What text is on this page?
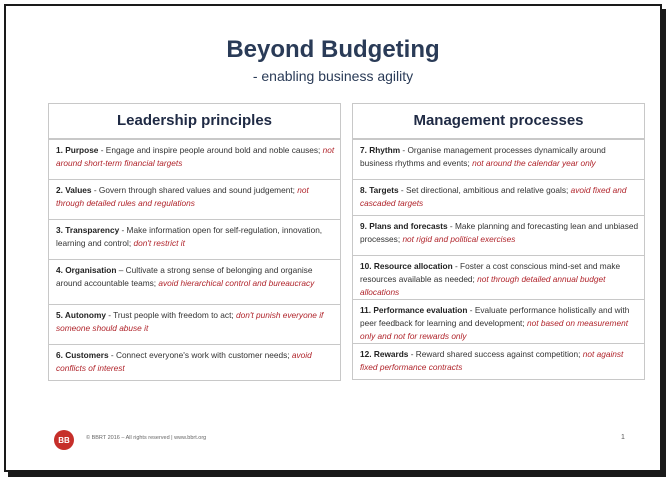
Beyond Budgeting
- enabling business agility
Leadership principles
1. Purpose - Engage and inspire people around bold and noble causes; not around short-term financial targets
2. Values - Govern through shared values and sound judgement; not through detailed rules and regulations
3. Transparency - Make information open for self-regulation, innovation, learning and control; don't restrict it
4. Organisation – Cultivate a strong sense of belonging and organise around accountable teams; avoid hierarchical control and bureaucracy
5. Autonomy - Trust people with freedom to act; don't punish everyone if someone should abuse it
6. Customers - Connect everyone's work with customer needs; avoid conflicts of interest
Management processes
7. Rhythm - Organise management processes dynamically around business rhythms and events; not around the calendar year only
8. Targets - Set directional, ambitious and relative goals; avoid fixed and cascaded targets
9. Plans and forecasts - Make planning and forecasting lean and unbiased processes; not rigid and political exercises
10. Resource allocation - Foster a cost conscious mind-set and make resources available as needed; not through detailed annual budget allocations
11. Performance evaluation - Evaluate performance holistically and with peer feedback for learning and development; not based on measurement only and not for rewards only
12. Rewards - Reward shared success against competition; not against fixed performance contracts
BB	© BBRT 2016 – All rights reserved | www.bbrt.org	1
